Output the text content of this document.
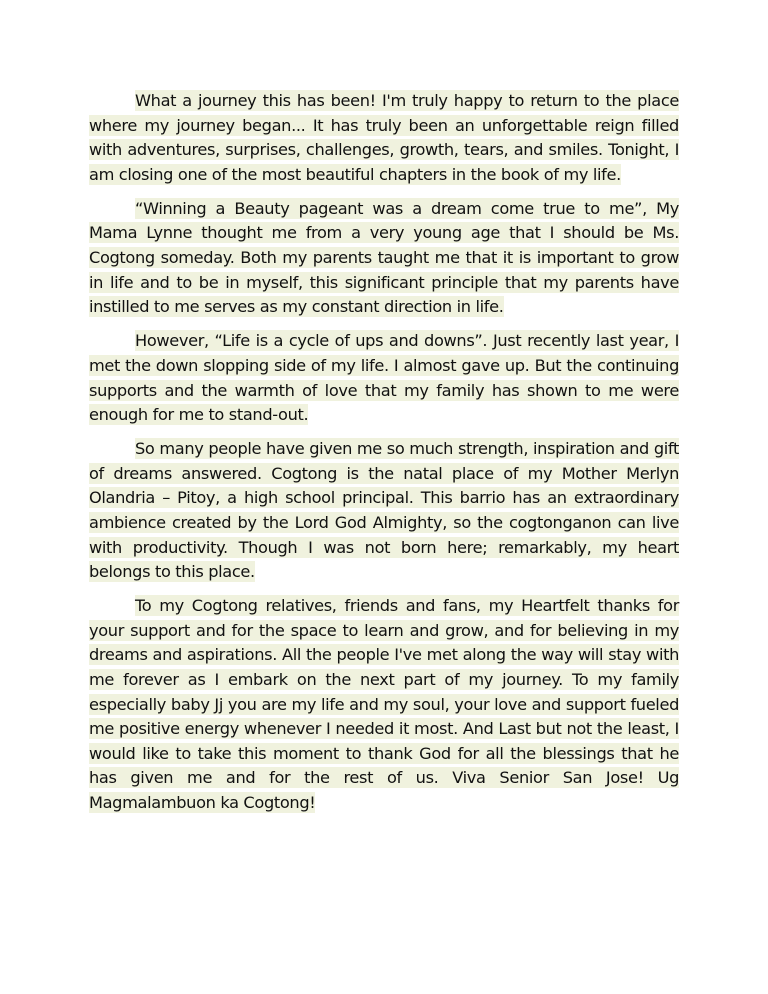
What a journey this has been! I'm truly happy to return to the place where my journey began... It has truly been an unforgettable reign filled with adventures, surprises, challenges, growth, tears, and smiles. Tonight, I am closing one of the most beautiful chapters in the book of my life.

“Winning a Beauty pageant was a dream come true to me”, My Mama Lynne thought me from a very young age that I should be Ms. Cogtong someday. Both my parents taught me that it is important to grow in life and to be in myself, this significant principle that my parents have instilled to me serves as my constant direction in life.

However, “Life is a cycle of ups and downs”. Just recently last year, I met the down slopping side of my life. I almost gave up. But the continuing supports and the warmth of love that my family has shown to me were enough for me to stand-out.

So many people have given me so much strength, inspiration and gift of dreams answered. Cogtong is the natal place of my Mother Merlyn Olandria – Pitoy, a high school principal. This barrio has an extraordinary ambience created by the Lord God Almighty, so the cogtonganon can live with productivity. Though I was not born here; remarkably, my heart belongs to this place.

To my Cogtong relatives, friends and fans, my Heartfelt thanks for your support and for the space to learn and grow, and for believing in my dreams and aspirations. All the people I've met along the way will stay with me forever as I embark on the next part of my journey. To my family especially baby Jj you are my life and my soul, your love and support fueled me positive energy whenever I needed it most. And Last but not the least, I would like to take this moment to thank God for all the blessings that he has given me and for the rest of us. Viva Senior San Jose! Ug Magmalambuon ka Cogtong!
